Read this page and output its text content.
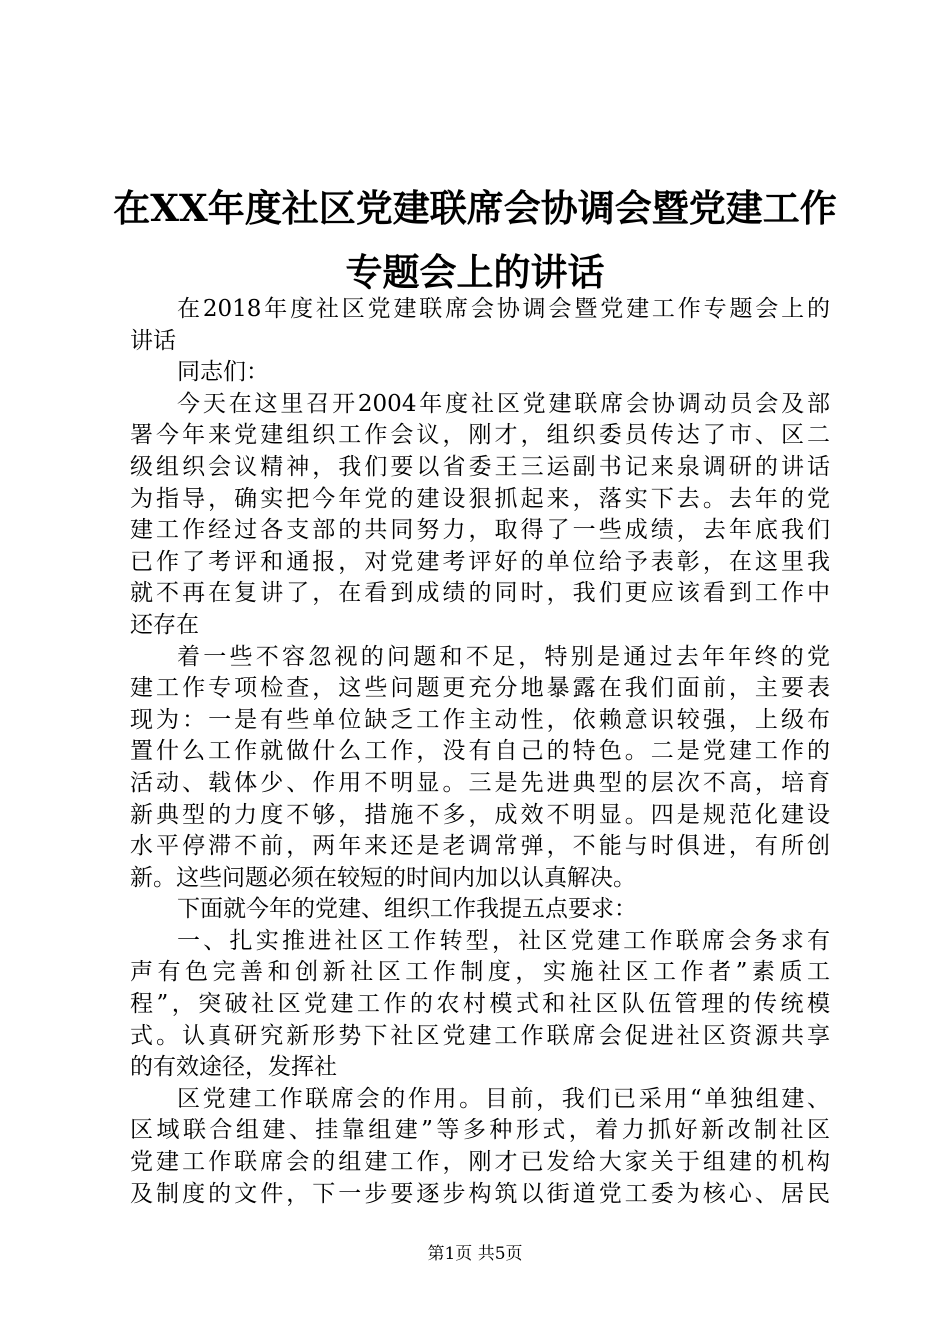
在XX年度社区党建联席会协调会暨党建工作
专题会上的讲话
在2018年度社区党建联席会协调会暨党建工作专题会上的
讲话
同志们：
今天在这里召开2004年度社区党建联席会协调动员会及部
署今年来党建组织工作会议，刚才，组织委员传达了市、区二
级组织会议精神，我们要以省委王三运副书记来泉调研的讲话
为指导，确实把今年党的建设狠抓起来，落实下去。去年的党
建工作经过各支部的共同努力，取得了一些成绩，去年底我们
已作了考评和通报，对党建考评好的单位给予表彰，在这里我
就不再在复讲了，在看到成绩的同时，我们更应该看到工作中
还存在
着一些不容忽视的问题和不足，特别是通过去年年终的党
建工作专项检查，这些问题更充分地暴露在我们面前，主要表
现为：一是有些单位缺乏工作主动性，依赖意识较强，上级布
置什么工作就做什么工作，没有自己的特色。二是党建工作的
活动、载体少、作用不明显。三是先进典型的层次不高，培育
新典型的力度不够，措施不多，成效不明显。四是规范化建设
水平停滞不前，两年来还是老调常弹，不能与时俱进，有所创
新。这些问题必须在较短的时间内加以认真解决。
下面就今年的党建、组织工作我提五点要求：
一、扎实推进社区工作转型，社区党建工作联席会务求有
声有色完善和创新社区工作制度，实施社区工作者”素质工
程”，突破社区党建工作的农村模式和社区队伍管理的传统模
式。认真研究新形势下社区党建工作联席会促进社区资源共享
的有效途径，发挥社
区党建工作联席会的作用。目前，我们已采用“单独组建、
区域联合组建、挂靠组建”等多种形式，着力抓好新改制社区
党建工作联席会的组建工作，刚才已发给大家关于组建的机构
及制度的文件，下一步要逐步构筑以街道党工委为核心、居民
第1页 共5页
